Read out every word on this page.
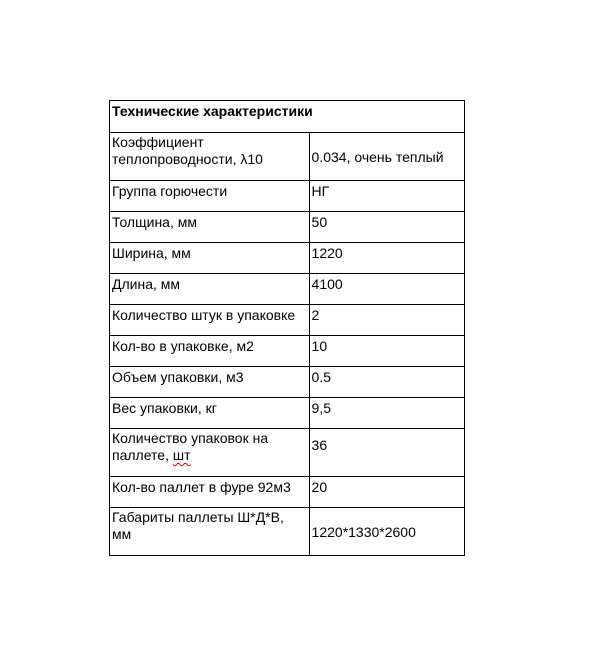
Технические характеристики	
Коэффициент теплопроводности, λ10	0.034, очень теплый
Группа горючести	НГ
Толщина, мм	50
Ширина, мм	1220
Длина, мм	4100
Количество штук в упаковке	2
Кол-во в упаковке, м2	10
Объем упаковки, м3	0.5
Вес упаковки, кг	9,5
Количество упаковок на паллете, шт	36
Кол-во паллет в фуре 92м3	20
Габариты паллеты Ш*Д*В, мм	1220*1330*2600
